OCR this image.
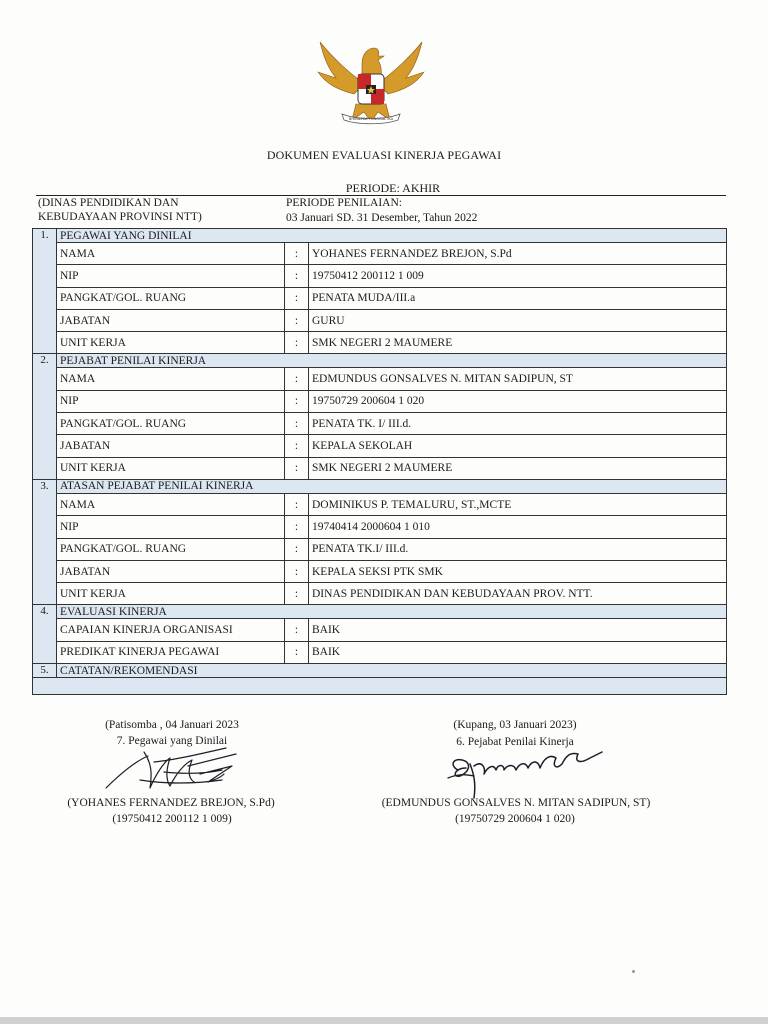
BHINNEKA TUNGGAL IKA
DOKUMEN EVALUASI KINERJA PEGAWAI
PERIODE: AKHIR
(DINAS PENDIDIKAN DAN
KEBUDAYAAN PROVINSI NTT)
PERIODE PENILAIAN:
03 Januari SD. 31 Desember, Tahun 2022
1.	PEGAWAI YANG DINILAI		
	NAMA	:	YOHANES FERNANDEZ BREJON, S.Pd
	NIP	:	19750412 200112 1 009
	PANGKAT/GOL. RUANG	:	PENATA MUDA/III.a
	JABATAN	:	GURU
	UNIT KERJA	:	SMK NEGERI 2 MAUMERE
2.	PEJABAT PENILAI KINERJA		
	NAMA	:	EDMUNDUS GONSALVES N. MITAN SADIPUN, ST
	NIP	:	19750729 200604 1 020
	PANGKAT/GOL. RUANG	:	PENATA TK. I/ III.d.
	JABATAN	:	KEPALA SEKOLAH
	UNIT KERJA	:	SMK NEGERI 2 MAUMERE
3.	ATASAN PEJABAT PENILAI KINERJA		
	NAMA	:	DOMINIKUS P. TEMALURU, ST.,MCTE
	NIP	:	19740414 2000604 1 010
	PANGKAT/GOL. RUANG	:	PENATA TK.I/ III.d.
	JABATAN	:	KEPALA SEKSI PTK SMK
	UNIT KERJA	:	DINAS PENDIDIKAN DAN KEBUDAYAAN PROV. NTT.
4.	EVALUASI KINERJA		
	CAPAIAN KINERJA ORGANISASI	:	BAIK
	PREDIKAT KINERJA PEGAWAI	:	BAIK
5.	CATATAN/REKOMENDASI		

(Patisomba , 04 Januari 2023
7. Pegawai yang Dinilai
(YOHANES FERNANDEZ BREJON, S.Pd)
(19750412 200112 1 009)
(Kupang, 03 Januari 2023)
6. Pejabat Penilai Kinerja
(EDMUNDUS GONSALVES N. MITAN SADIPUN, ST)
(19750729 200604 1 020)
